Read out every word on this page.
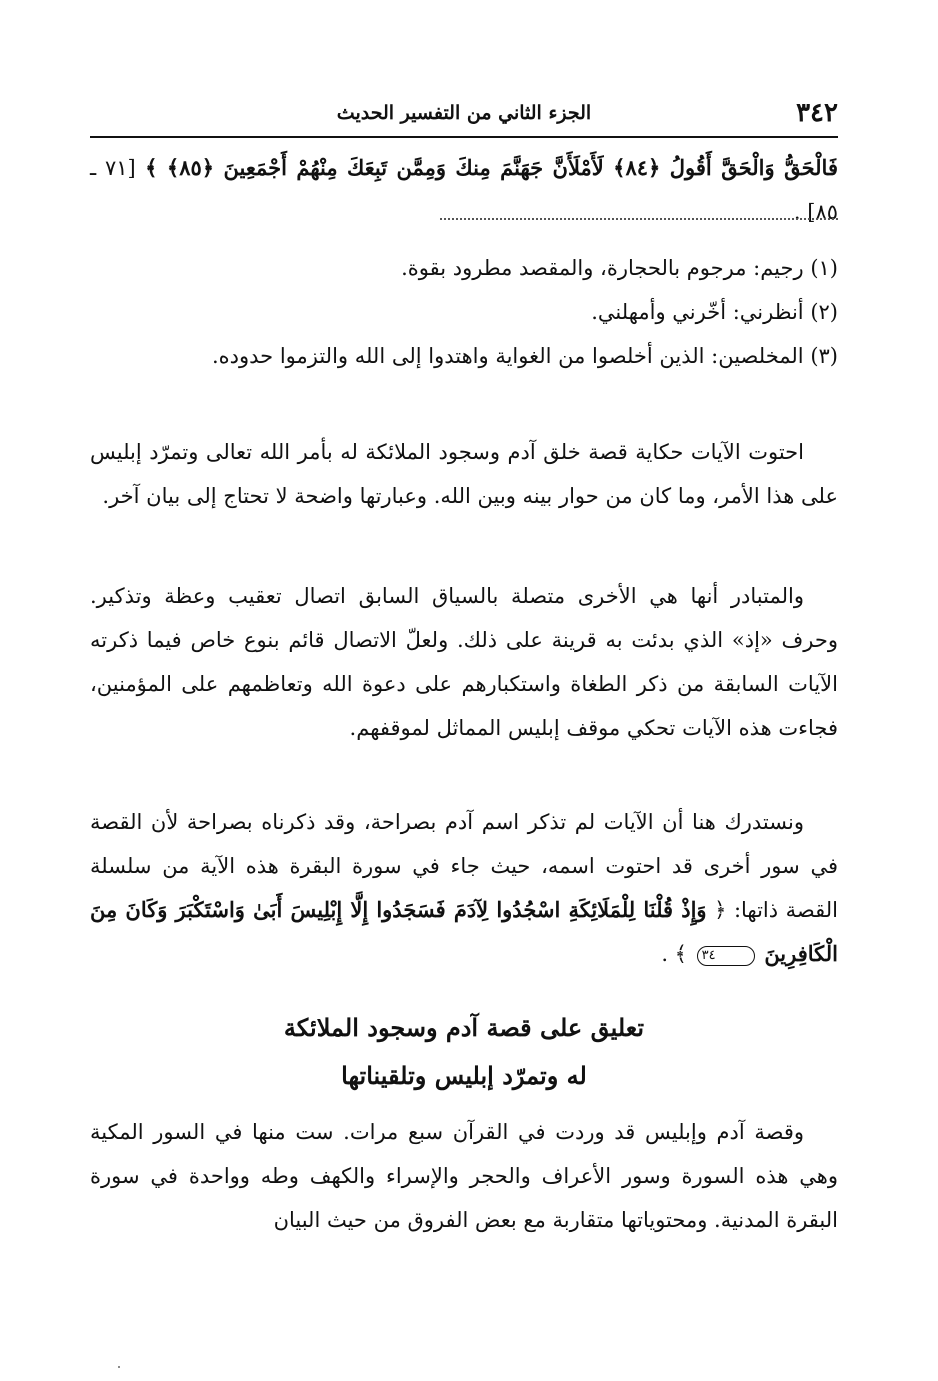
٣٤٢
الجزء الثاني من التفسير الحديث
فَالْحَقُّ وَالْحَقَّ أَقُولُ ﴿٨٤﴾ لَأَمْلَأَنَّ جَهَنَّمَ مِنكَ وَمِمَّن تَبِعَكَ مِنْهُمْ أَجْمَعِينَ ﴿٨٥﴾ ﴾ [٧١ ـ ٨٥] .
(١) رجيم: مرجوم بالحجارة، والمقصد مطرود بقوة.
(٢) أنظرني: أخّرني وأمهلني.
(٣) المخلصين: الذين أخلصوا من الغواية واهتدوا إلى الله والتزموا حدوده.
احتوت الآيات حكاية قصة خلق آدم وسجود الملائكة له بأمر الله تعالى وتمرّد إبليس على هذا الأمر، وما كان من حوار بينه وبين الله. وعبارتها واضحة لا تحتاج إلى بيان آخر.
والمتبادر أنها هي الأخرى متصلة بالسياق السابق اتصال تعقيب وعظة وتذكير. وحرف «إذ» الذي بدئت به قرينة على ذلك. ولعلّ الاتصال قائم بنوع خاص فيما ذكرته الآيات السابقة من ذكر الطغاة واستكبارهم على دعوة الله وتعاظمهم على المؤمنين، فجاءت هذه الآيات تحكي موقف إبليس المماثل لموقفهم.
ونستدرك هنا أن الآيات لم تذكر اسم آدم بصراحة، وقد ذكرناه بصراحة لأن القصة في سور أخرى قد احتوت اسمه، حيث جاء في سورة البقرة هذه الآية من سلسلة القصة ذاتها: ﴿ وَإِذْ قُلْنَا لِلْمَلَائِكَةِ اسْجُدُوا لِآدَمَ فَسَجَدُوا إِلَّا إِبْلِيسَ أَبَىٰ وَاسْتَكْبَرَ وَكَانَ مِنَ الْكَافِرِينَ ٣٤ ﴾ .
تعليق على قصة آدم وسجود الملائكة
له وتمرّد إبليس وتلقيناتها
وقصة آدم وإبليس قد وردت في القرآن سبع مرات. ست منها في السور المكية وهي هذه السورة وسور الأعراف والحجر والإسراء والكهف وطه وواحدة في سورة البقرة المدنية. ومحتوياتها متقاربة مع بعض الفروق من حيث البيان
